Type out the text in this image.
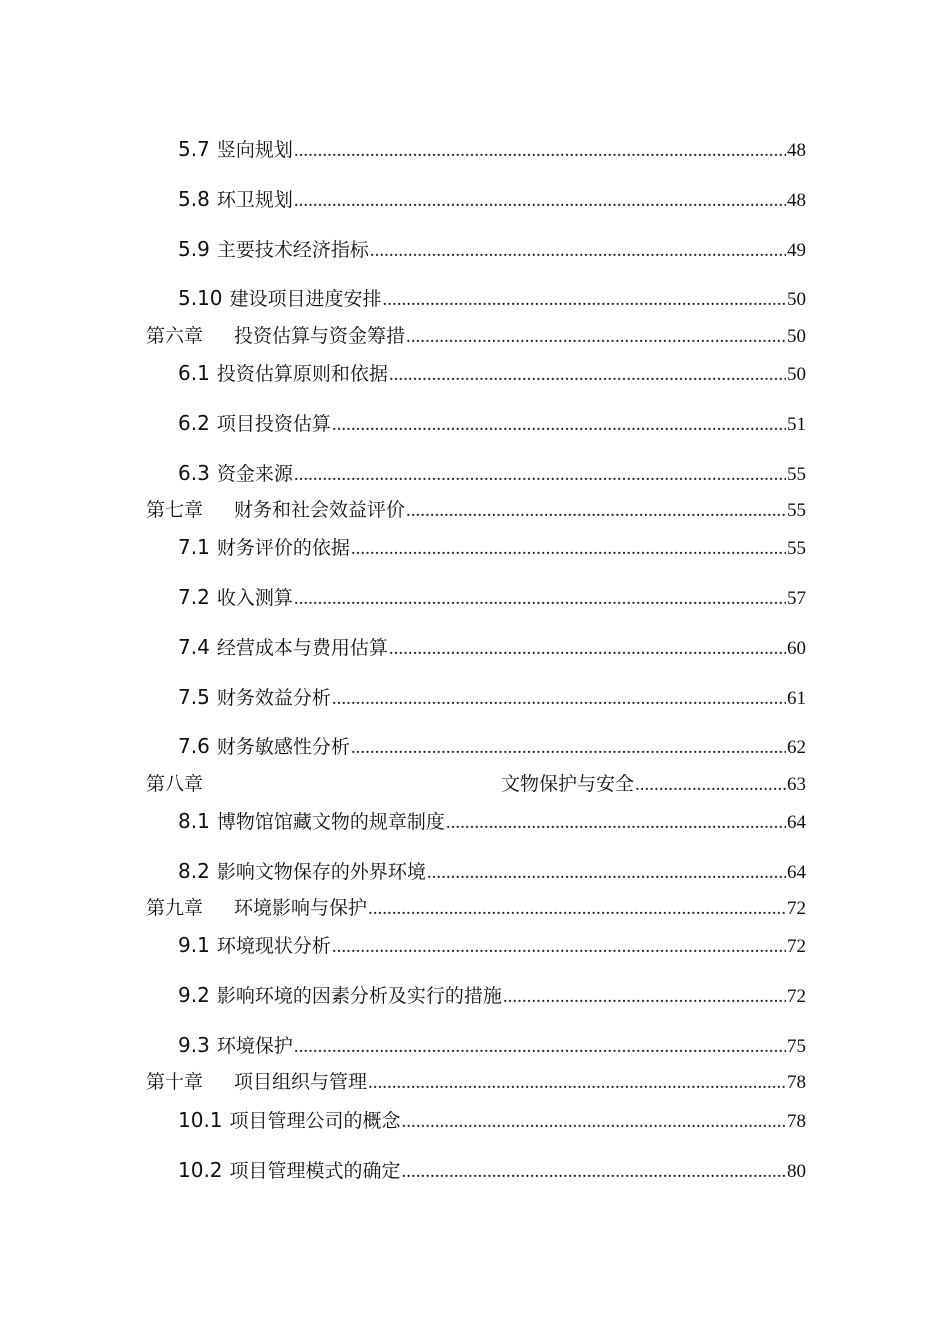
5.7 竖向规划 .....	48
5.8 环卫规划 .....	48
5.9 主要技术经济指标 .....	49
5.10 建设项目进度安排 .....	50
第六章 投资估算与资金筹措 .....	50
6.1 投资估算原则和依据 .....	50
6.2 项目投资估算 .....	51
6.3 资金来源 .....	55
第七章 财务和社会效益评价 .....	55
7.1 财务评价的依据 .....	55
7.2 收入测算 .....	57
7.4 经营成本与费用估算 .....	60
7.5 财务效益分析 .....	61
7.6 财务敏感性分析 .....	62
第八章	文物保护与安全 .....	63
8.1 博物馆馆藏文物的规章制度 .....	64
8.2 影响文物保存的外界环境 .....	64
第九章 环境影响与保护 .....	72
9.1 环境现状分析 .....	72
9.2 影响环境的因素分析及实行的措施 .....	72
9.3 环境保护 .....	75
第十章 项目组织与管理 .....	78
10.1 项目管理公司的概念 .....	78
10.2 项目管理模式的确定 .....	80
